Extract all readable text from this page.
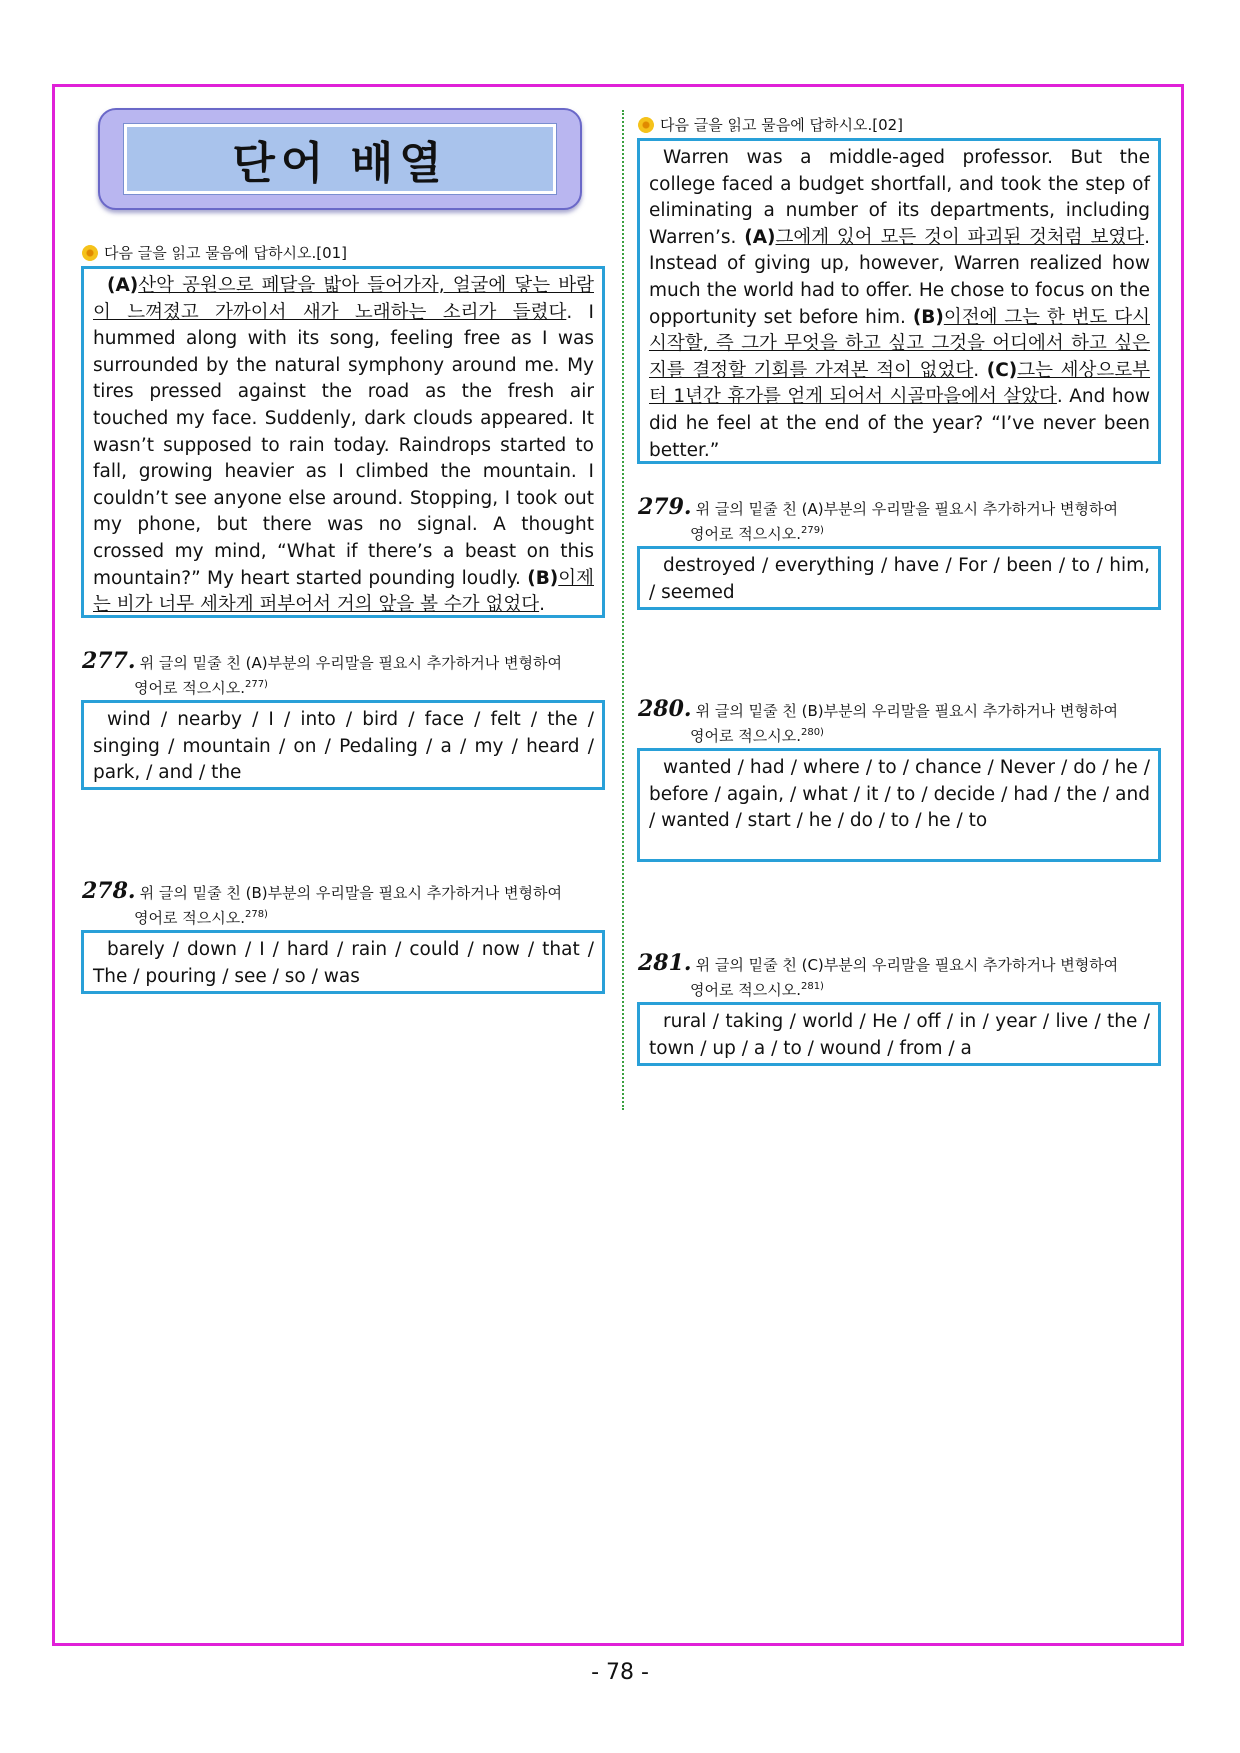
단어 배열
다음 글을 읽고 물음에 답하시오.[01]

(A)산악 공원으로 페달을 밟아 들어가자, 얼굴에 닿는 바람이 느껴졌고 가까이서 새가 노래하는 소리가 들렸다. I hummed along with its song, feeling free as I was surrounded by the natural symphony around me. My tires pressed against the road as the fresh air touched my face. Suddenly, dark clouds appeared. It wasn’t supposed to rain today. Raindrops started to fall, growing heavier as I climbed the mountain. I couldn’t see anyone else around. Stopping, I took out my phone, but there was no signal. A thought crossed my mind, “What if there’s a beast on this mountain?” My heart started pounding loudly. (B)이제는 비가 너무 세차게 퍼부어서 거의 앞을 볼 수가 없었다.

277. 위 글의 밑줄 친 (A)부분의 우리말을 필요시 추가하거나 변형하여
영어로 적으시오.$^{277)}$

wind / nearby / I / into / bird / face / felt / the / singing / mountain / on / Pedaling / a / my / heard / park, / and / the

278. 위 글의 밑줄 친 (B)부분의 우리말을 필요시 추가하거나 변형하여
영어로 적으시오.$^{278)}$

barely / down / I / hard / rain / could / now / that / The / pouring / see / so / was

다음 글을 읽고 물음에 답하시오.[02]

Warren was a middle-aged professor. But the college faced a budget shortfall, and took the step of eliminating a number of its departments, including Warren’s. (A)그에게 있어 모든 것이 파괴된 것처럼 보였다. Instead of giving up, however, Warren realized how much the world had to offer. He chose to focus on the opportunity set before him. (B)이전에 그는 한 번도 다시 시작할, 즉 그가 무엇을 하고 싶고 그것을 어디에서 하고 싶은지를 결정할 기회를 가져본 적이 없었다. (C)그는 세상으로부터 1년간 휴가를 얻게 되어서 시골마을에서 살았다. And how did he feel at the end of the year? “I’ve never been better.”

279. 위 글의 밑줄 친 (A)부분의 우리말을 필요시 추가하거나 변형하여
영어로 적으시오.$^{279)}$

destroyed / everything / have / For / been / to / him, / seemed

280. 위 글의 밑줄 친 (B)부분의 우리말을 필요시 추가하거나 변형하여
영어로 적으시오.$^{280)}$

wanted / had / where / to / chance / Never / do / he / before / again, / what / it / to / decide / had / the / and / wanted / start / he / do / to / he / to

281. 위 글의 밑줄 친 (C)부분의 우리말을 필요시 추가하거나 변형하여
영어로 적으시오.$^{281)}$

rural / taking / world / He / off / in / year / live / the / town / up / a / to / wound / from / a

- 78 -
